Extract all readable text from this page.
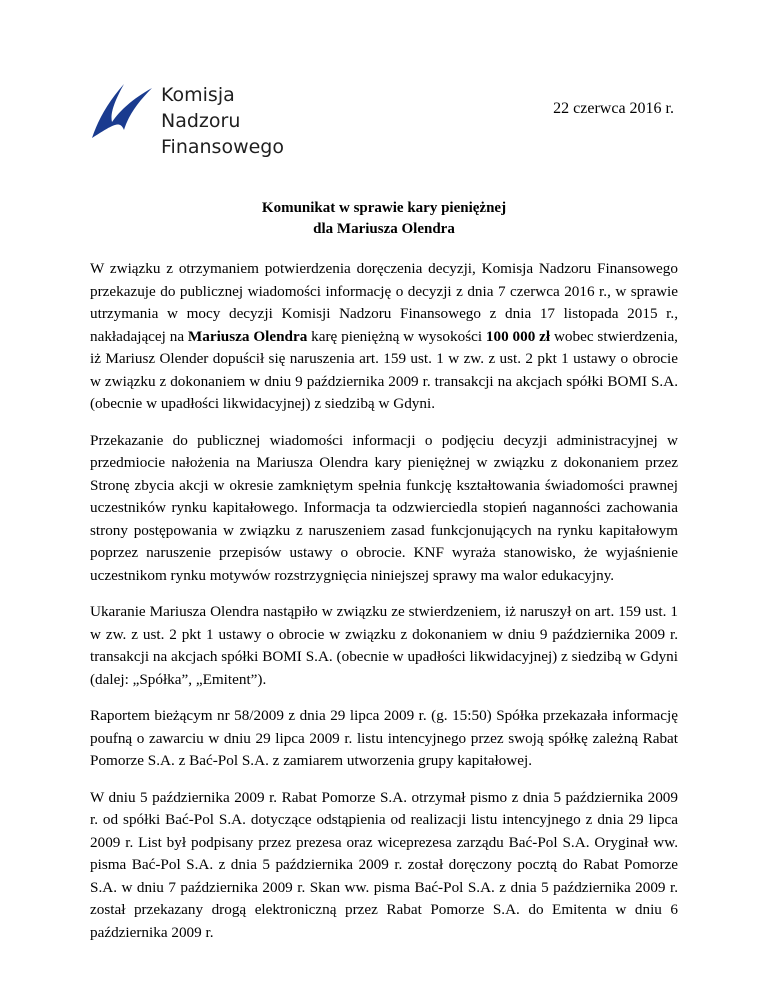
Komisja
Nadzoru
Finansowego
22 czerwca 2016 r.
Komunikat w sprawie kary pieniężnej
dla Mariusza Olendra

W związku z otrzymaniem potwierdzenia doręczenia decyzji, Komisja Nadzoru Finansowego przekazuje do publicznej wiadomości informację o decyzji z dnia 7 czerwca 2016 r., w sprawie utrzymania w mocy decyzji Komisji Nadzoru Finansowego z dnia 17 listopada 2015 r., nakładającej na Mariusza Olendra karę pieniężną w wysokości 100 000 zł wobec stwierdzenia, iż Mariusz Olender dopuścił się naruszenia art. 159 ust. 1 w zw. z ust. 2 pkt 1 ustawy o obrocie w związku z dokonaniem w dniu 9 października 2009 r. transakcji na akcjach spółki BOMI S.A. (obecnie w upadłości likwidacyjnej) z siedzibą w Gdyni.

Przekazanie do publicznej wiadomości informacji o podjęciu decyzji administracyjnej w przedmiocie nałożenia na Mariusza Olendra kary pieniężnej w związku z dokonaniem przez Stronę zbycia akcji w okresie zamkniętym spełnia funkcję kształtowania świadomości prawnej uczestników rynku kapitałowego. Informacja ta odzwierciedla stopień naganności zachowania strony postępowania w związku z naruszeniem zasad funkcjonujących na rynku kapitałowym poprzez naruszenie przepisów ustawy o obrocie. KNF wyraża stanowisko, że wyjaśnienie uczestnikom rynku motywów rozstrzygnięcia niniejszej sprawy ma walor edukacyjny.

Ukaranie Mariusza Olendra nastąpiło w związku ze stwierdzeniem, iż naruszył on art. 159 ust. 1 w zw. z ust. 2 pkt 1 ustawy o obrocie w związku z dokonaniem w dniu 9 października 2009 r. transakcji na akcjach spółki BOMI S.A. (obecnie w upadłości likwidacyjnej) z siedzibą w Gdyni (dalej: „Spółka”, „Emitent”).

Raportem bieżącym nr 58/2009 z dnia 29 lipca 2009 r. (g. 15:50) Spółka przekazała informację poufną o zawarciu w dniu 29 lipca 2009 r. listu intencyjnego przez swoją spółkę zależną Rabat Pomorze S.A. z Bać-Pol S.A. z zamiarem utworzenia grupy kapitałowej.

W dniu 5 października 2009 r. Rabat Pomorze S.A. otrzymał pismo z dnia 5 października 2009 r. od spółki Bać-Pol S.A. dotyczące odstąpienia od realizacji listu intencyjnego z dnia 29 lipca 2009 r. List był podpisany przez prezesa oraz wiceprezesa zarządu Bać-Pol S.A. Oryginał ww. pisma Bać-Pol S.A. z dnia 5 października 2009 r. został doręczony pocztą do Rabat Pomorze S.A. w dniu 7 października 2009 r. Skan ww. pisma Bać-Pol S.A. z dnia 5 października 2009 r. został przekazany drogą elektroniczną przez Rabat Pomorze S.A. do Emitenta w dniu 6 października 2009 r.
